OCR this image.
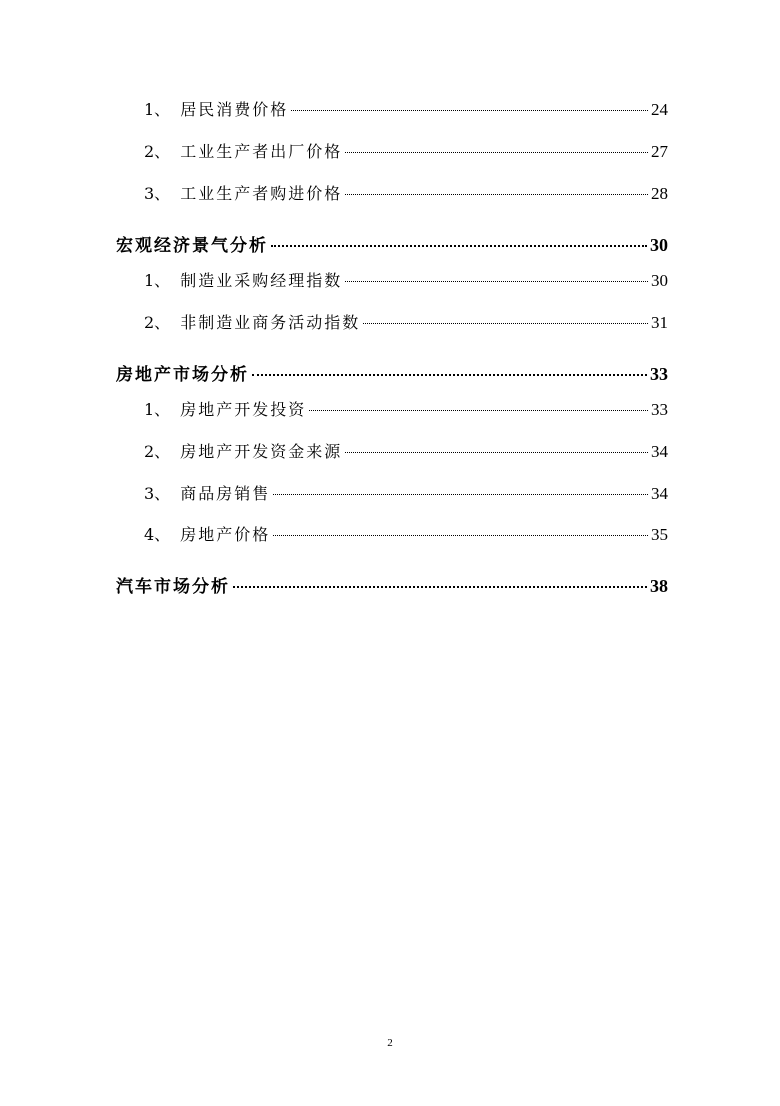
1、 居民消费价格	24
2、 工业生产者出厂价格	27
3、 工业生产者购进价格	28
宏观经济景气分析	30
1、 制造业采购经理指数	30
2、 非制造业商务活动指数	31
房地产市场分析	33
1、 房地产开发投资	33
2、 房地产开发资金来源	34
3、 商品房销售	34
4、 房地产价格	35
汽车市场分析	38
2
